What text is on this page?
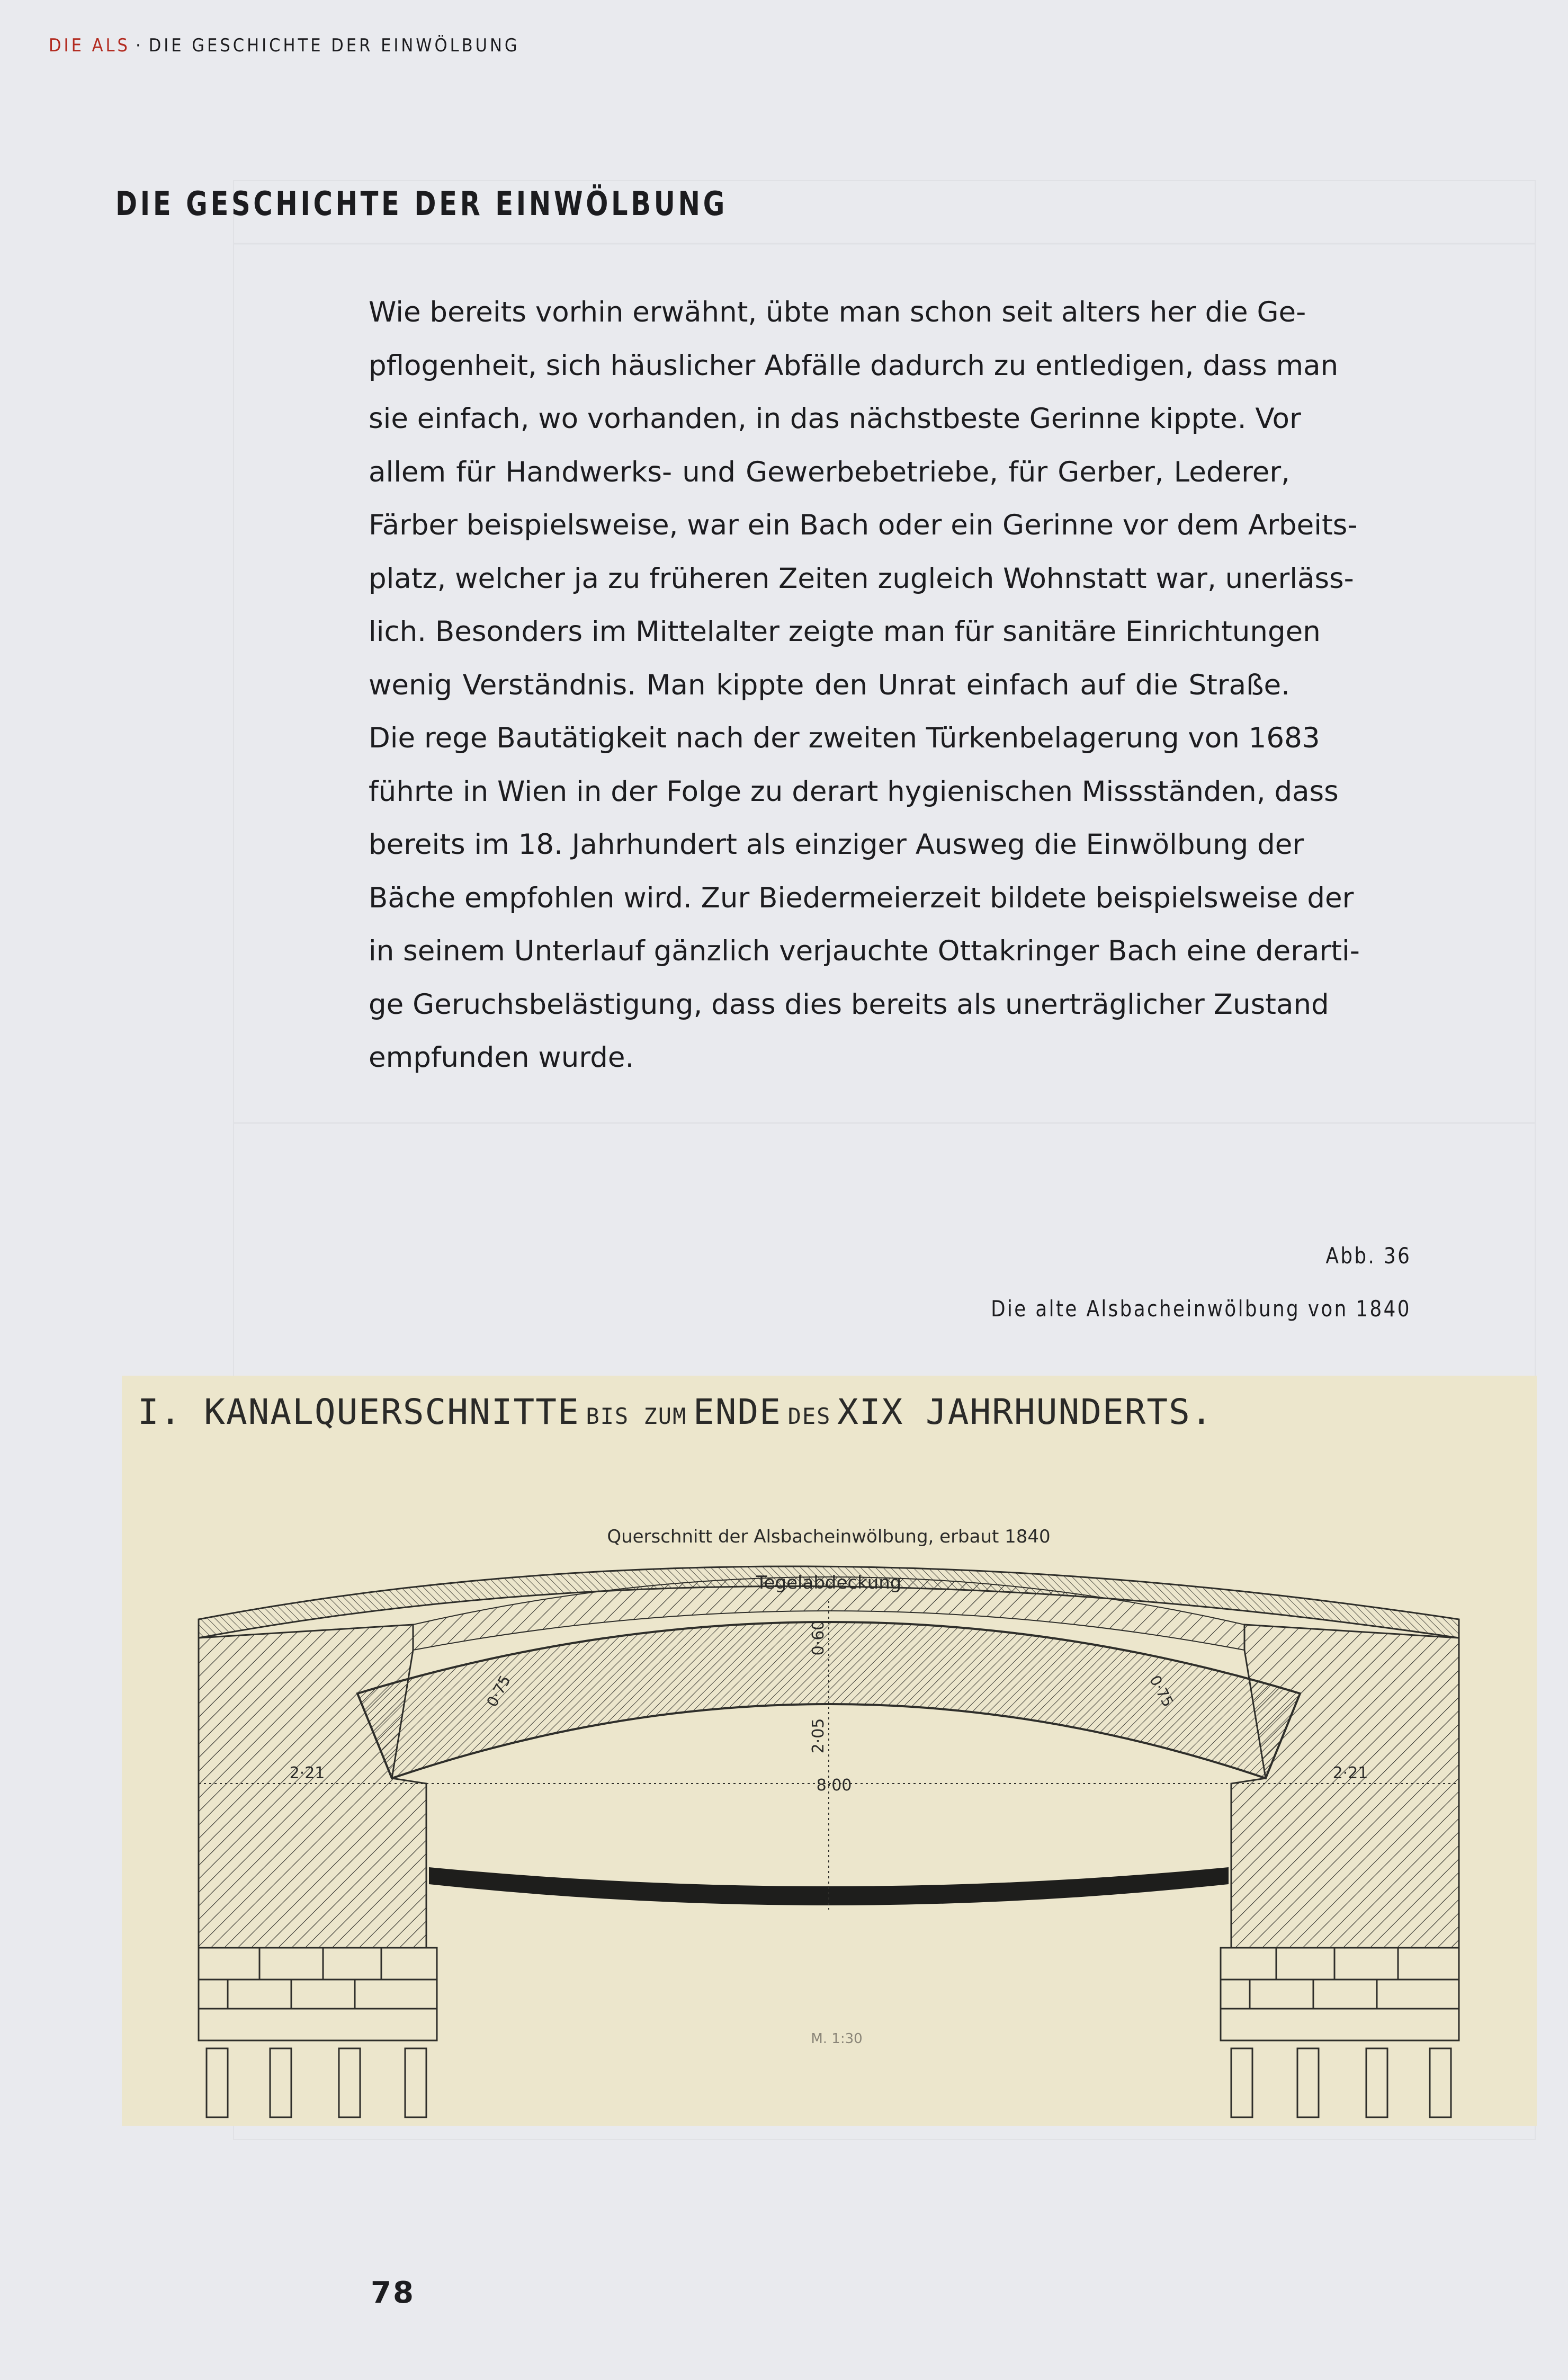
DIE ALS · DIE GESCHICHTE DER EINWÖLBUNG
DIE GESCHICHTE DER EINWÖLBUNG
Wie bereits vorhin erwähnt, übte man schon seit alters her die Ge-
pflogenheit, sich häuslicher Abfälle dadurch zu entledigen, dass man
sie einfach, wo vorhanden, in das nächstbeste Gerinne kippte. Vor
allem für Handwerks- und Gewerbebetriebe, für Gerber, Lederer,
Färber beispielsweise, war ein Bach oder ein Gerinne vor dem Arbeits-
platz, welcher ja zu früheren Zeiten zugleich Wohnstatt war, unerläss-
lich. Besonders im Mittelalter zeigte man für sanitäre Einrichtungen
wenig Verständnis. Man kippte den Unrat einfach auf die Straße.
Die rege Bautätigkeit nach der zweiten Türkenbelagerung von 1683
führte in Wien in der Folge zu derart hygienischen Missständen, dass
bereits im 18. Jahrhundert als einziger Ausweg die Einwölbung der
Bäche empfohlen wird. Zur Biedermeierzeit bildete beispielsweise der
in seinem Unterlauf gänzlich verjauchte Ottakringer Bach eine derarti-
ge Geruchsbelästigung, dass dies bereits als unerträglicher Zustand
empfunden wurde.
Abb. 36
Die alte Alsbacheinwölbung von 1840
Querschnitt der Alsbacheinwölbung, erbaut 1840
Tegelabdeckung
2·21	2·21
8·00
2·05
0·60
0·75	0·75
M. 1:30
I. KANALQUERSCHNITTE BIS ZUM ENDE DES XIX JAHRHUNDERTS.
78
